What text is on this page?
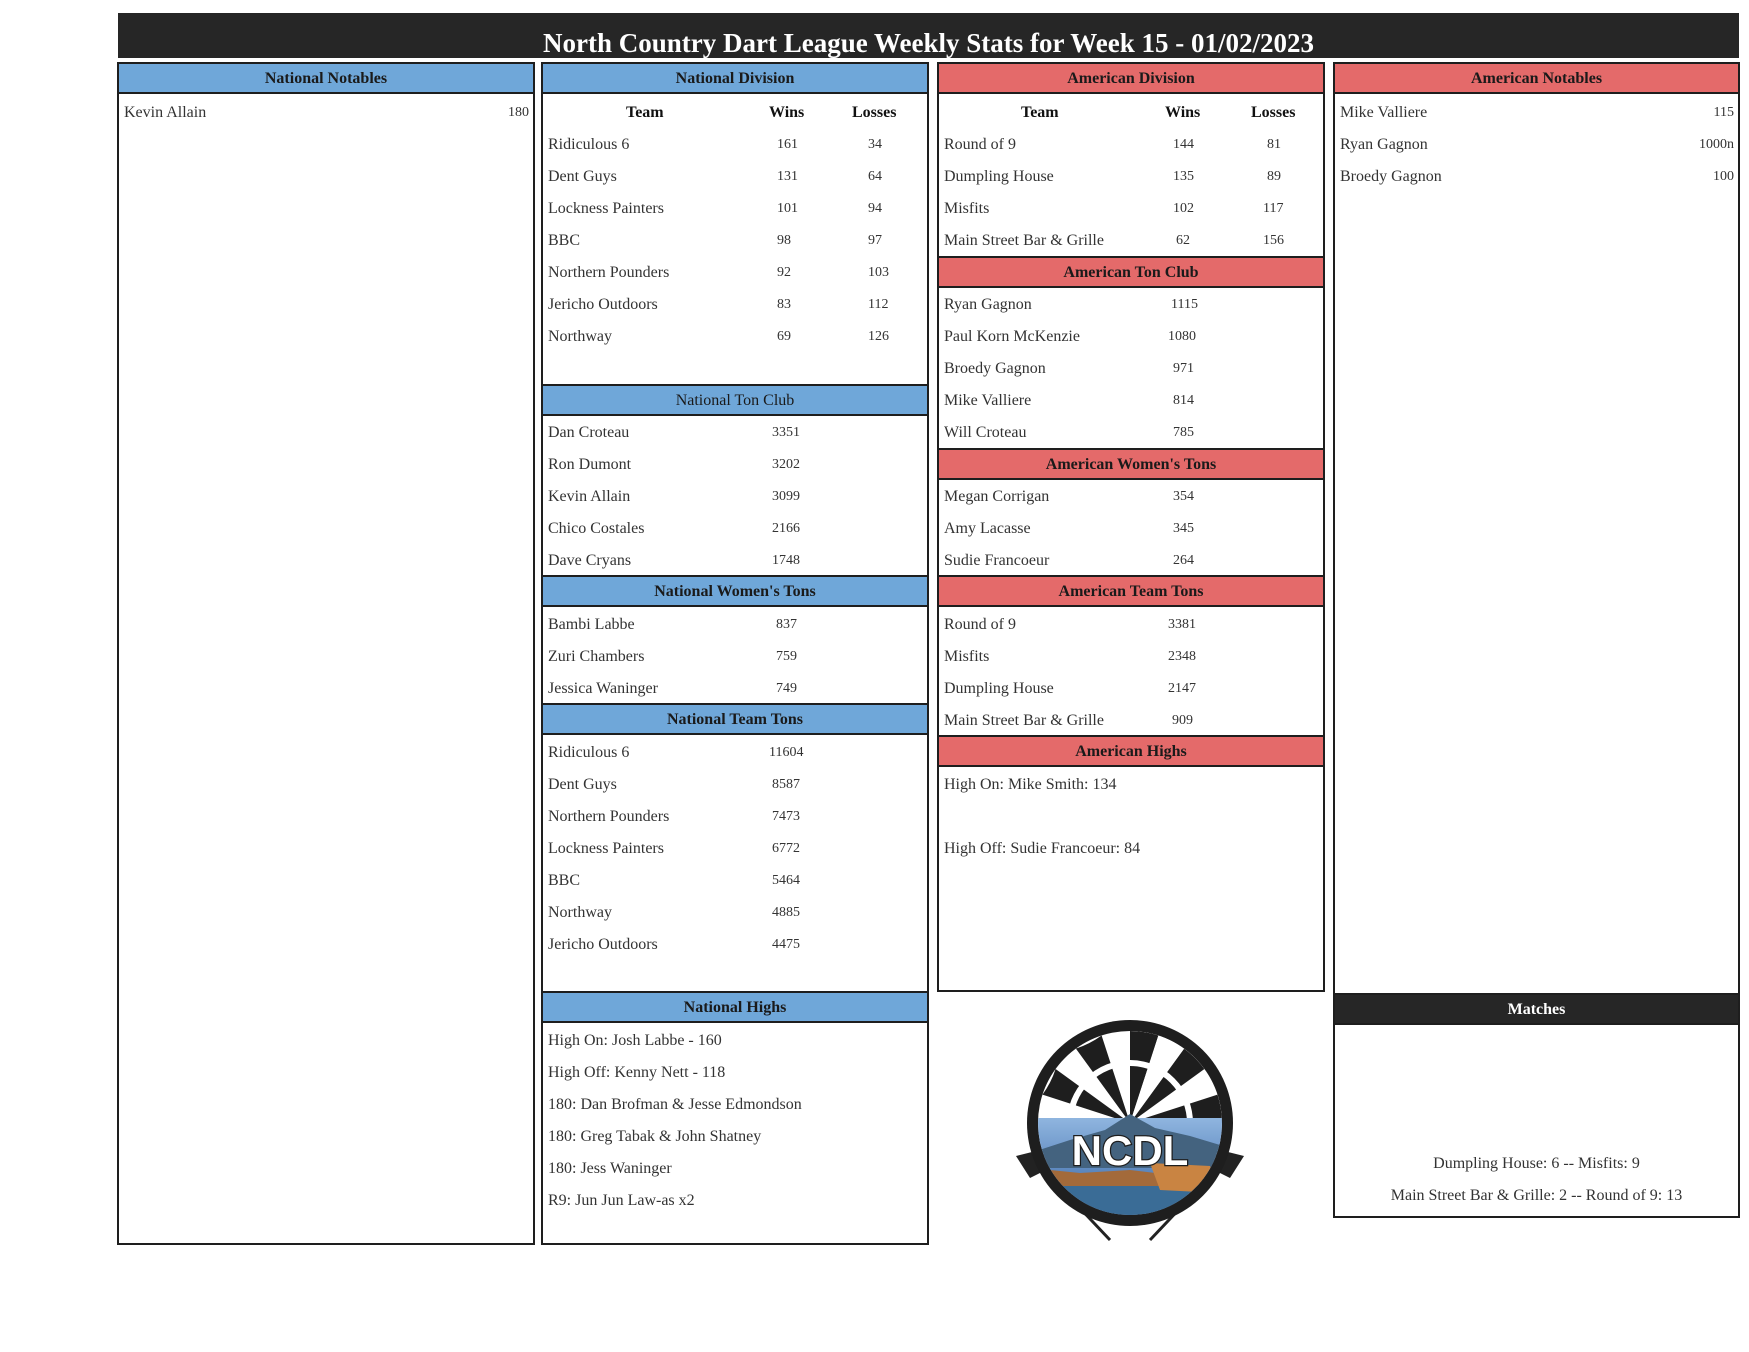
North Country Dart League Weekly Stats for Week 15 - 01/02/2023
National Notables
Kevin Allain	180
National Division
Team	Wins	Losses
Ridiculous 6	161	34
Dent Guys	131	64
Lockness Painters	101	94
BBC	98	97
Northern Pounders	92	103
Jericho Outdoors	83	112
Northway	69	126
National Ton Club
Dan Croteau	3351
Ron Dumont	3202
Kevin Allain	3099
Chico Costales	2166
Dave Cryans	1748
National Women's Tons
Bambi Labbe	837
Zuri Chambers	759
Jessica Waninger	749
National Team Tons
Ridiculous 6	11604
Dent Guys	8587
Northern Pounders	7473
Lockness Painters	6772
BBC	5464
Northway	4885
Jericho Outdoors	4475
National Highs
High On: Josh Labbe - 160
High Off: Kenny Nett - 118
180: Dan Brofman & Jesse Edmondson
180: Greg Tabak & John Shatney
180: Jess Waninger
R9: Jun Jun Law-as x2
American Division
Team	Wins	Losses
Round of 9	144	81
Dumpling House	135	89
Misfits	102	117
Main Street Bar & Grille	62	156
American Ton Club
Ryan Gagnon	1115
Paul Korn McKenzie	1080
Broedy Gagnon	971
Mike Valliere	814
Will Croteau	785
American Women's Tons
Megan Corrigan	354
Amy Lacasse	345
Sudie Francoeur	264
American Team Tons
Round of 9	3381
Misfits	2348
Dumpling House	2147
Main Street Bar & Grille	909
American Highs
High On: Mike Smith: 134
High Off: Sudie Francoeur: 84
American Notables
Mike Valliere	115
Ryan Gagnon	1000n
Broedy Gagnon	100
Matches
Dumpling House: 6 -- Misfits: 9
Main Street Bar & Grille: 2 -- Round of 9: 13
NCDL
